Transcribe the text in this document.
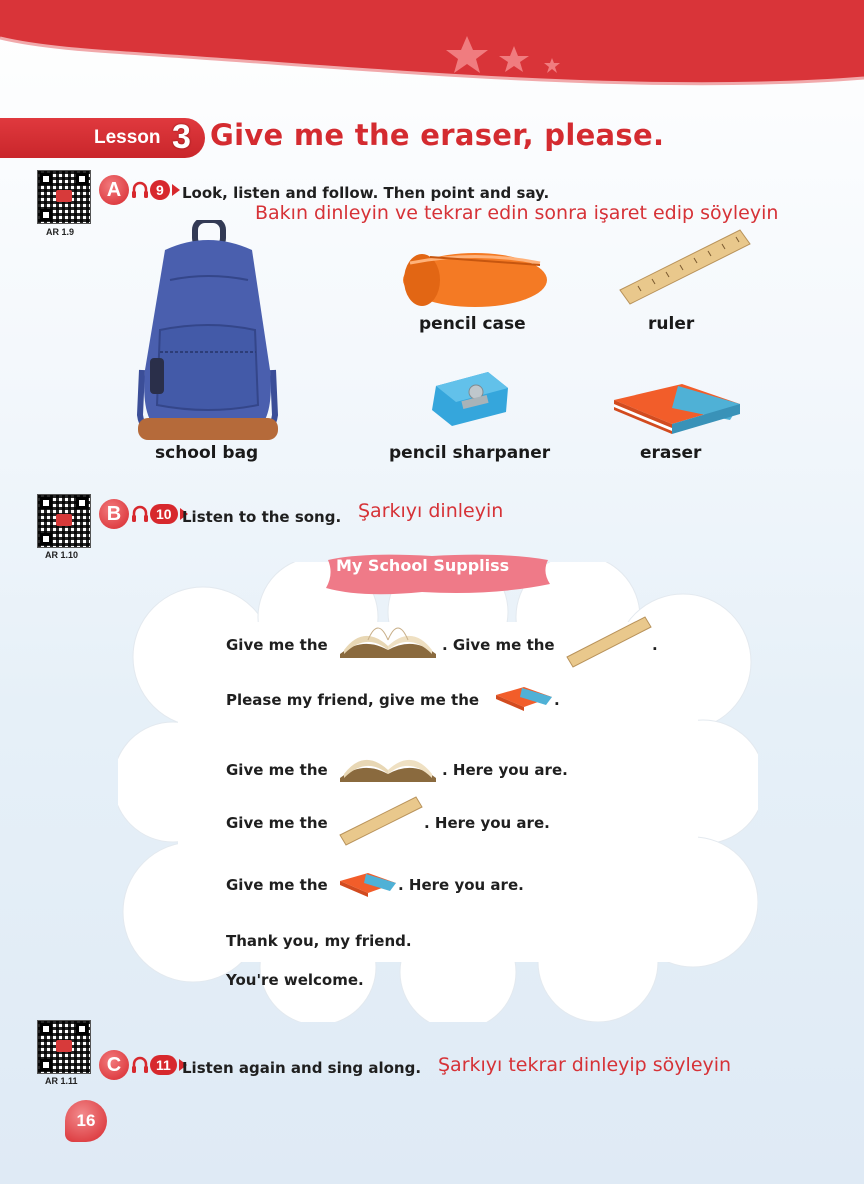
Lesson 3 Give me the eraser, please.
AR 1.9
A	9	Look, listen and follow. Then point and say.
Bakın dinleyin ve tekrar edin sonra işaret edip söyleyin
school bag
pencil case	ruler
pencil sharpaner	eraser
AR 1.10
B	10 Listen to the song. Şarkıyı dinleyin
My School Suppliss
Give me the	. Give me the	.
Please my friend, give me the	.
Give me the	. Here you are.
Give me the	. Here you are.
Give me the	. Here you are.
Thank you, my friend.
You're welcome.
AR 1.11
C	11 Listen again and sing along. Şarkıyı tekrar dinleyip söyleyin
16
